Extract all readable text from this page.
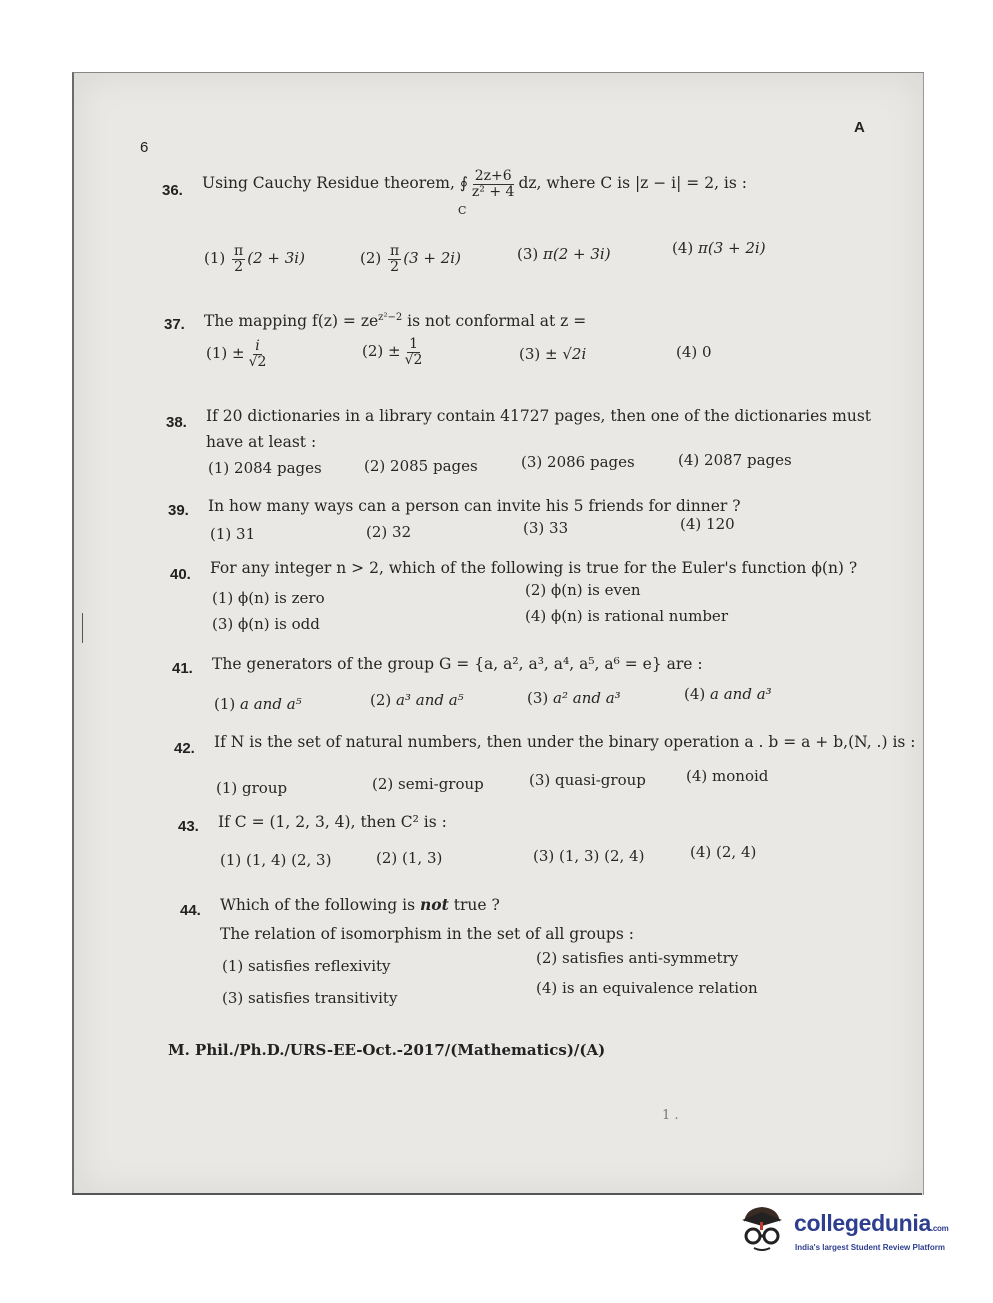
A
6
36. Using Cauchy Residue theorem, ∮ $\frac{2z+6}{\text{z² + 4}}$ dz, where C is |z − i| = 2, is :
C
$(1) \frac{\pi}{2} (2 + 3i)$	$(2) \frac{\pi}{2} (3 + 2i)$	(3) π(2 + 3i)	(4) π(3 + 2i)
37. The mapping $f(z) = ze^{z^2-2}$ is not conformal at z =
$(1) \pm \frac{i}{√2}$	$(2) \pm \frac{1}{√2}$	(3) ± √2i	(4) 0
38. If 20 dictionaries in a library contain 41727 pages, then one of the dictionaries must
have at least :
(1) 2084 pages	(2) 2085 pages	(3) 2086 pages	(4) 2087 pages
39. In how many ways can a person can invite his 5 friends for dinner ?
(1) 31	(2) 32	(3) 33	(4) 120
40. For any integer n > 2, which of the following is true for the Euler's function ϕ(n) ?
(1) ϕ(n) is zero	(2) ϕ(n) is even
(3) ϕ(n) is odd	(4) ϕ(n) is rational number
41. The generators of the group G = {a, a², a³, a⁴, a⁵, a⁶ = e} are :
(1) a and a⁵	(2) a³ and a⁵	(3) a² and a³	(4) a and a³
42. If N is the set of natural numbers, then under the binary operation a . b = a + b,(N, .) is :
(1) group	(2) semi-group	(3) quasi-group	(4) monoid
43. If C = (1, 2, 3, 4), then C² is :
(1) (1, 4) (2, 3)	(2) (1, 3)	(3) (1, 3) (2, 4)	(4) (2, 4)
44. Which of the following is not true ?
The relation of isomorphism in the set of all groups :
(1) satisfies reflexivity	(2) satisfies anti-symmetry
(3) satisfies transitivity
(4) is an equivalence relation
M. Phil./Ph.D./URS-EE-Oct.-2017/(Mathematics)/(A)
1 .
collegedunia.com
India's largest Student Review Platform
